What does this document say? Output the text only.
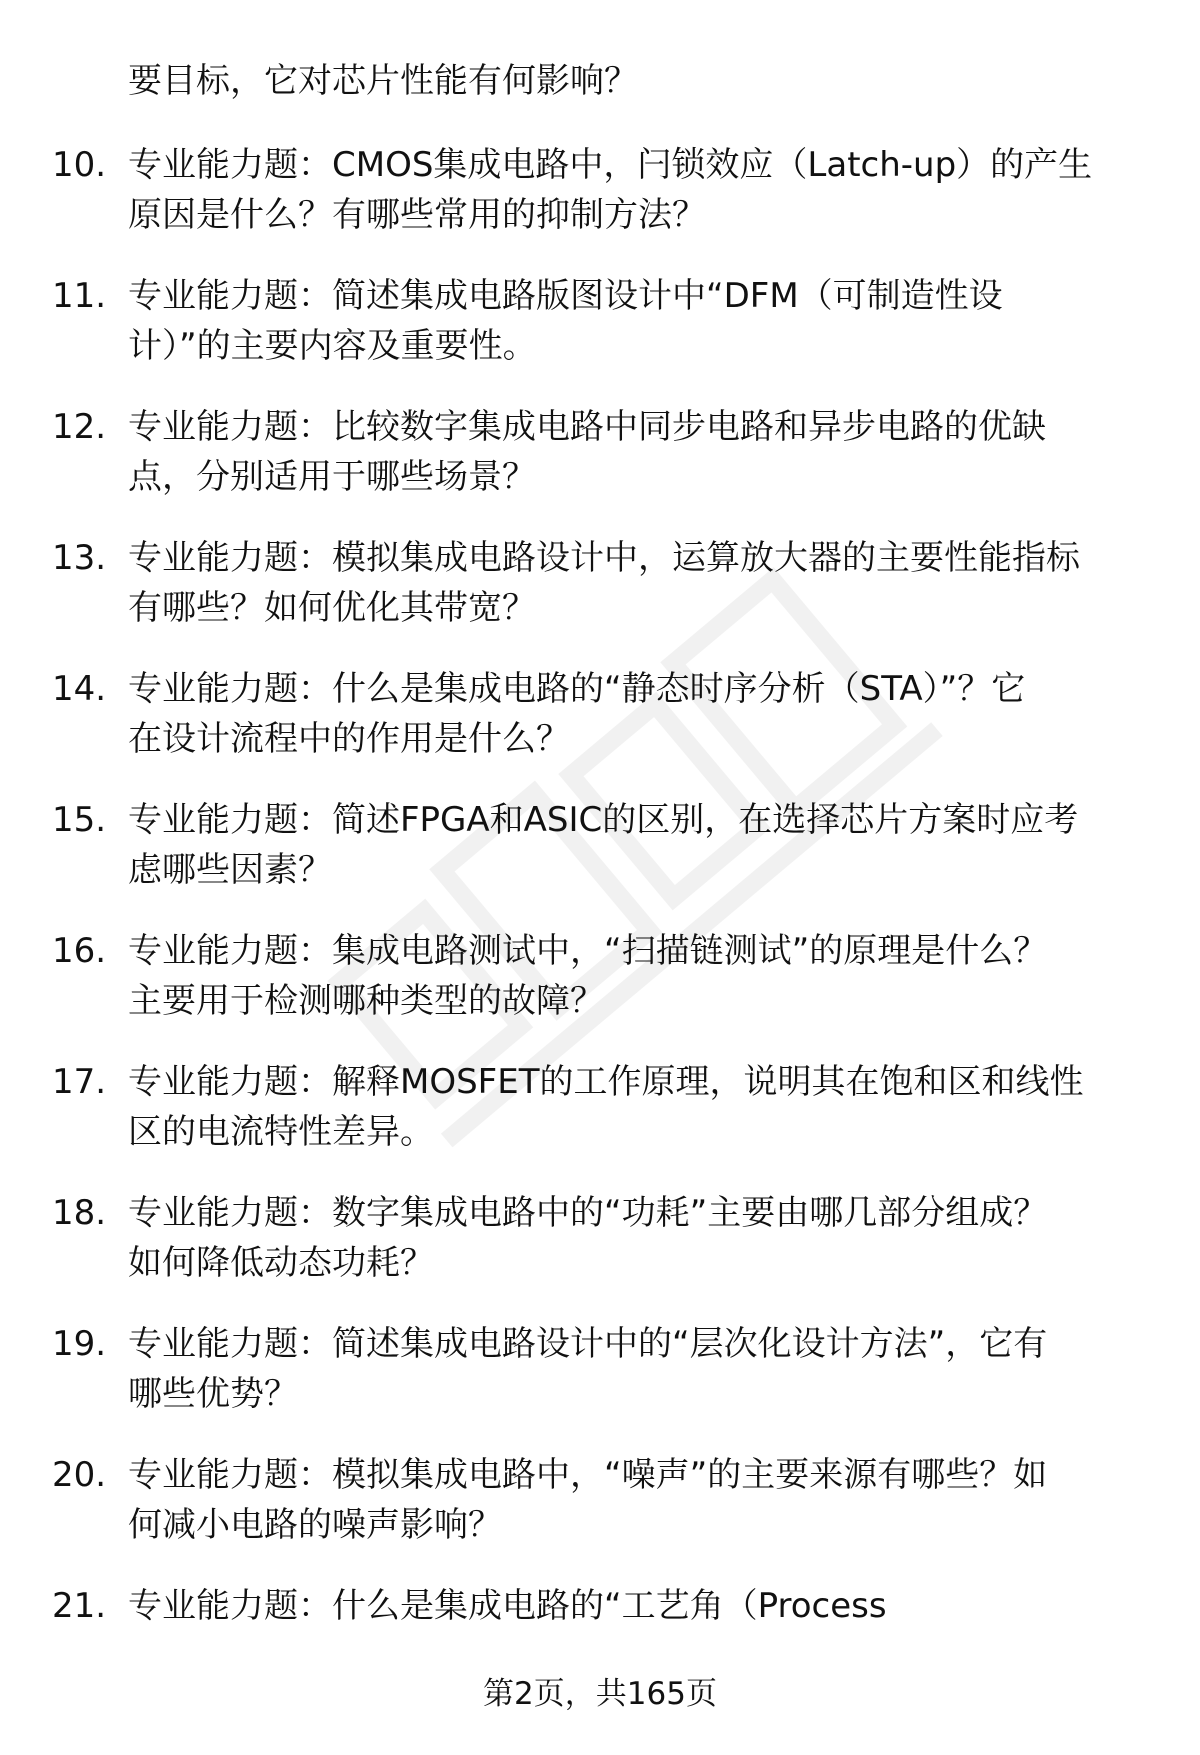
要目标，它对芯片性能有何影响？
10. 专业能力题：CMOS集成电路中，闩锁效应（Latch-up）的产生
原因是什么？有哪些常用的抑制方法？
11. 专业能力题：简述集成电路版图设计中“DFM（可制造性设
计）”的主要内容及重要性。
12. 专业能力题：比较数字集成电路中同步电路和异步电路的优缺
点，分别适用于哪些场景？
13. 专业能力题：模拟集成电路设计中，运算放大器的主要性能指标
有哪些？如何优化其带宽？
14. 专业能力题：什么是集成电路的“静态时序分析（STA）”？它
在设计流程中的作用是什么？
15. 专业能力题：简述FPGA和ASIC的区别，在选择芯片方案时应考
虑哪些因素？
16. 专业能力题：集成电路测试中，“扫描链测试”的原理是什么？
主要用于检测哪种类型的故障？
17. 专业能力题：解释MOSFET的工作原理，说明其在饱和区和线性
区的电流特性差异。
18. 专业能力题：数字集成电路中的“功耗”主要由哪几部分组成？
如何降低动态功耗？
19. 专业能力题：简述集成电路设计中的“层次化设计方法”，它有
哪些优势？
20. 专业能力题：模拟集成电路中，“噪声”的主要来源有哪些？如
何减小电路的噪声影响？
21. 专业能力题：什么是集成电路的“工艺角（Process
第2页，共165页
